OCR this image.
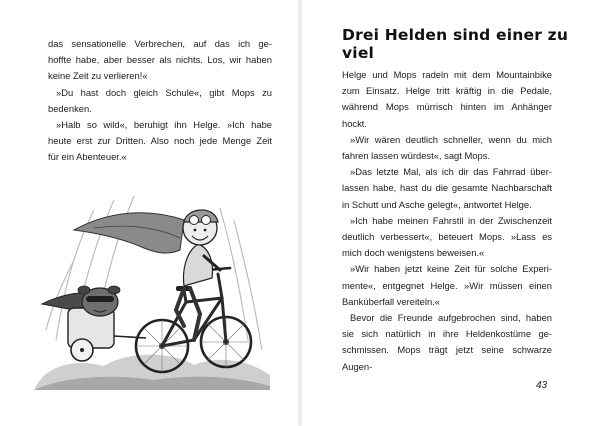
das sensationelle Verbrechen, auf das ich ge-

hoffte habe, aber besser als nichts. Los, wir haben

keine Zeit zu verlieren!«

»Du hast doch gleich Schule«, gibt Mops zu

bedenken.

»Halb so wild«, beruhigt ihn Helge. »Ich habe

heute erst zur Dritten. Also noch jede Menge Zeit

für ein Abenteuer.«

Drei Helden sind einer zu viel

Helge und Mops radeln mit dem Mountainbike

zum Einsatz. Helge tritt kräftig in die Pedale,

während Mops mürrisch hinten im Anhänger

hockt.

»Wir wären deutlich schneller, wenn du mich

fahren lassen würdest«, sagt Mops.

»Das letzte Mal, als ich dir das Fahrrad über-

lassen habe, hast du die gesamte Nachbarschaft

in Schutt und Asche gelegt«, antwortet Helge.

»Ich habe meinen Fahrstil in der Zwischenzeit

deutlich verbessert«, beteuert Mops. »Lass es

mich doch wenigstens beweisen.«

»Wir haben jetzt keine Zeit für solche Experi-

mente«, entgegnet Helge. »Wir müssen einen

Banküberfall vereiteln.«

Bevor die Freunde aufgebrochen sind, haben

sie sich natürlich in ihre Heldenkostüme ge-

schmissen. Mops trägt jetzt seine schwarze Augen-

43
